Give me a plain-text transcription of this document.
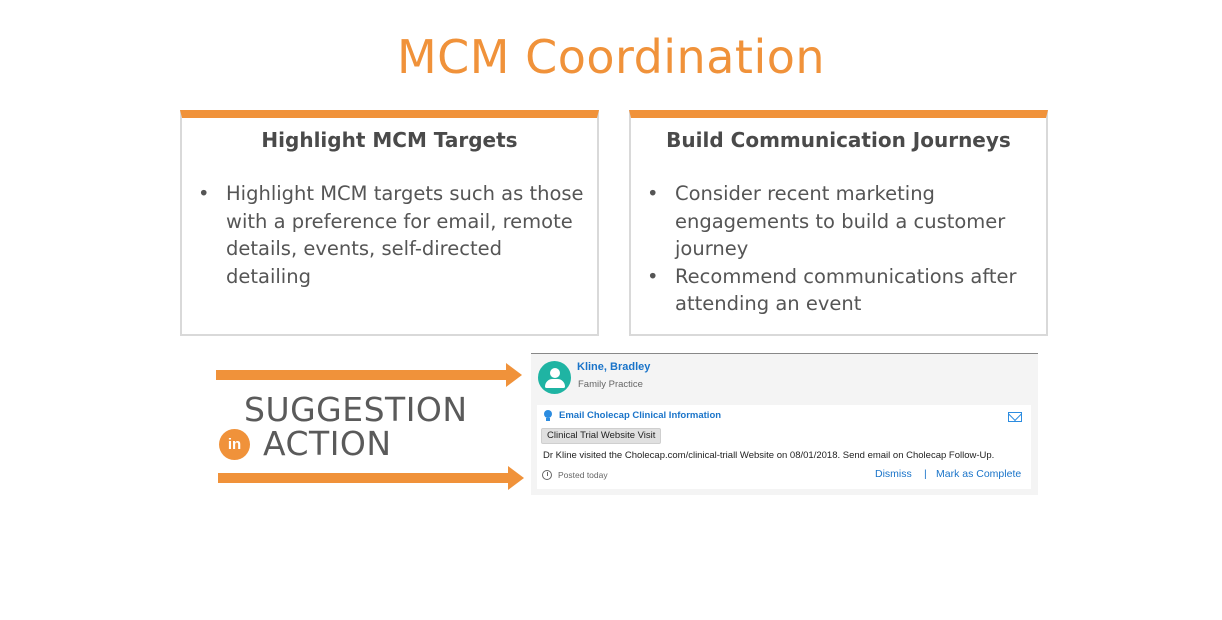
MCM Coordination
Highlight MCM Targets
• Highlight MCM targets such as those with a preference for email, remote details, events, self-directed detailing
Build Communication Journeys
• Consider recent marketing engagements to build a customer journey
• Recommend communications after attending an event
SUGGESTION
in ACTION
Kline, Bradley
Family Practice
Email Cholecap Clinical Information
Clinical Trial Website Visit
Dr Kline visited the Cholecap.com/clinical-triall Website on 08/01/2018. Send email on Cholecap Follow-Up.
Posted today	Dismiss | Mark as Complete
